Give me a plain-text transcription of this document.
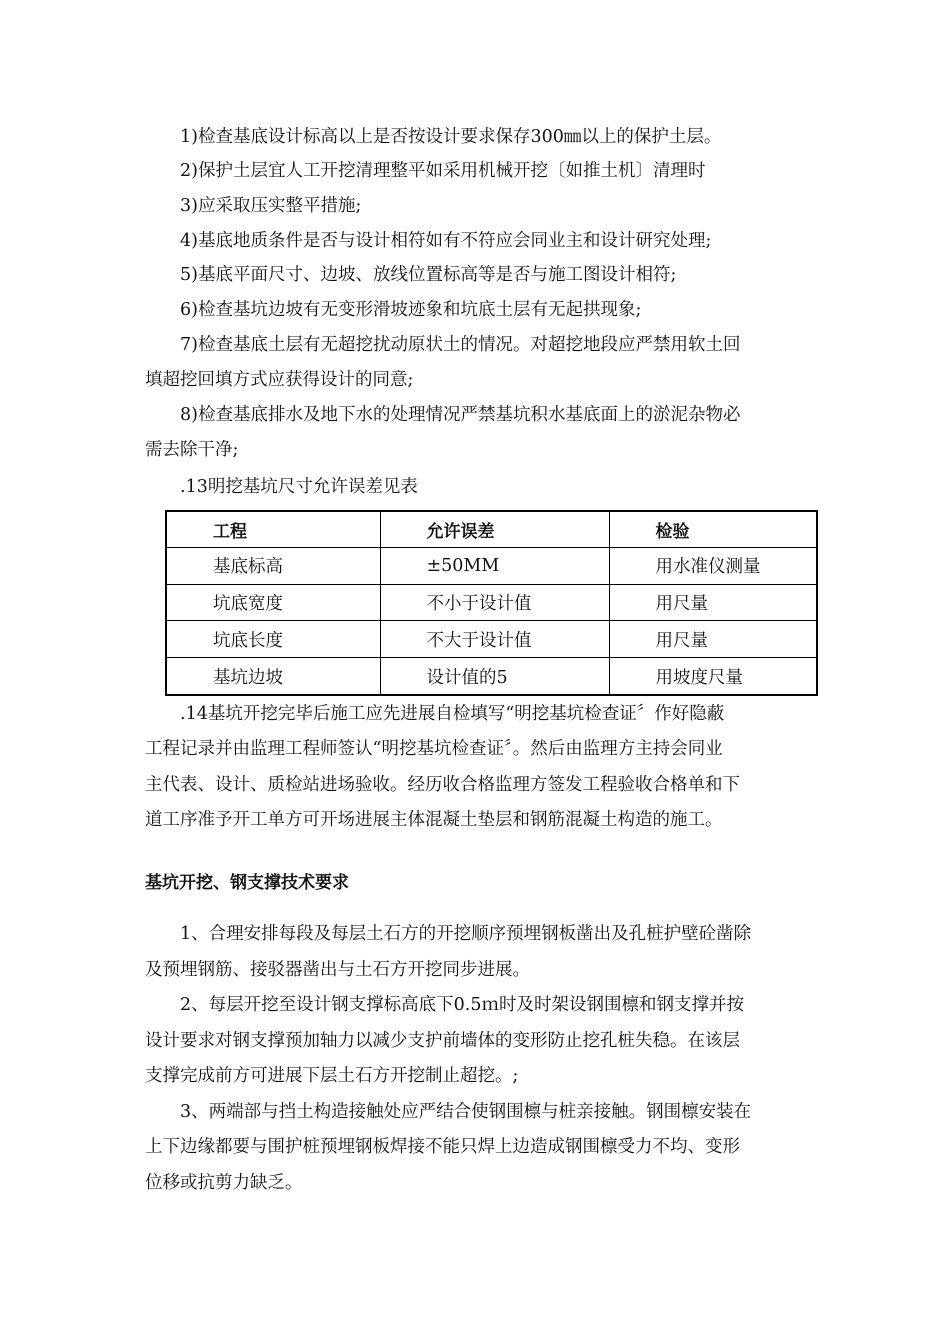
1)检查基底设计标高以上是否按设计要求保存300㎜以上的保护土层。
2)保护土层宜人工开挖清理整平如采用机械开挖〔如推土机〕清理时
3)应采取压实整平措施;
4)基底地质条件是否与设计相符如有不符应会同业主和设计研究处理;
5)基底平面尺寸、边坡、放线位置标高等是否与施工图设计相符;
6)检查基坑边坡有无变形滑坡迹象和坑底土层有无起拱现象;
7)检查基底土层有无超挖扰动原状土的情况。对超挖地段应严禁用软土回
填超挖回填方式应获得设计的同意;
8)检查基底排水及地下水的处理情况严禁基坑积水基底面上的淤泥杂物必
需去除干净;
.13明挖基坑尺寸允许误差见表
工程	允许误差	检验
基底标高	±50MM	用水准仪测量
坑底宽度	不小于设计值	用尺量
坑底长度	不大于设计值	用尺量
基坑边坡	设计值的5	用坡度尺量
.14基坑开挖完毕后施工应先进展自检填写“明挖基坑检查证〞作好隐蔽
工程记录并由监理工程师签认“明挖基坑检查证〞。然后由监理方主持会同业
主代表、设计、质检站进场验收。经历收合格监理方签发工程验收合格单和下
道工序准予开工单方可开场进展主体混凝土垫层和钢筋混凝土构造的施工。
基坑开挖、钢支撑技术要求
1、合理安排每段及每层土石方的开挖顺序预埋钢板凿出及孔桩护壁砼凿除
及预埋钢筋、接驳器凿出与土石方开挖同步进展。
2、每层开挖至设计钢支撑标高底下0.5ｍ时及时架设钢围檩和钢支撑并按
设计要求对钢支撑预加轴力以减少支护前墙体的变形防止挖孔桩失稳。在该层
支撑完成前方可进展下层土石方开挖制止超挖。;
3、两端部与挡土构造接触处应严结合使钢围檩与桩亲接触。钢围檩安装在
上下边缘都要与围护桩预埋钢板焊接不能只焊上边造成钢围檩受力不均、变形
位移或抗剪力缺乏。
